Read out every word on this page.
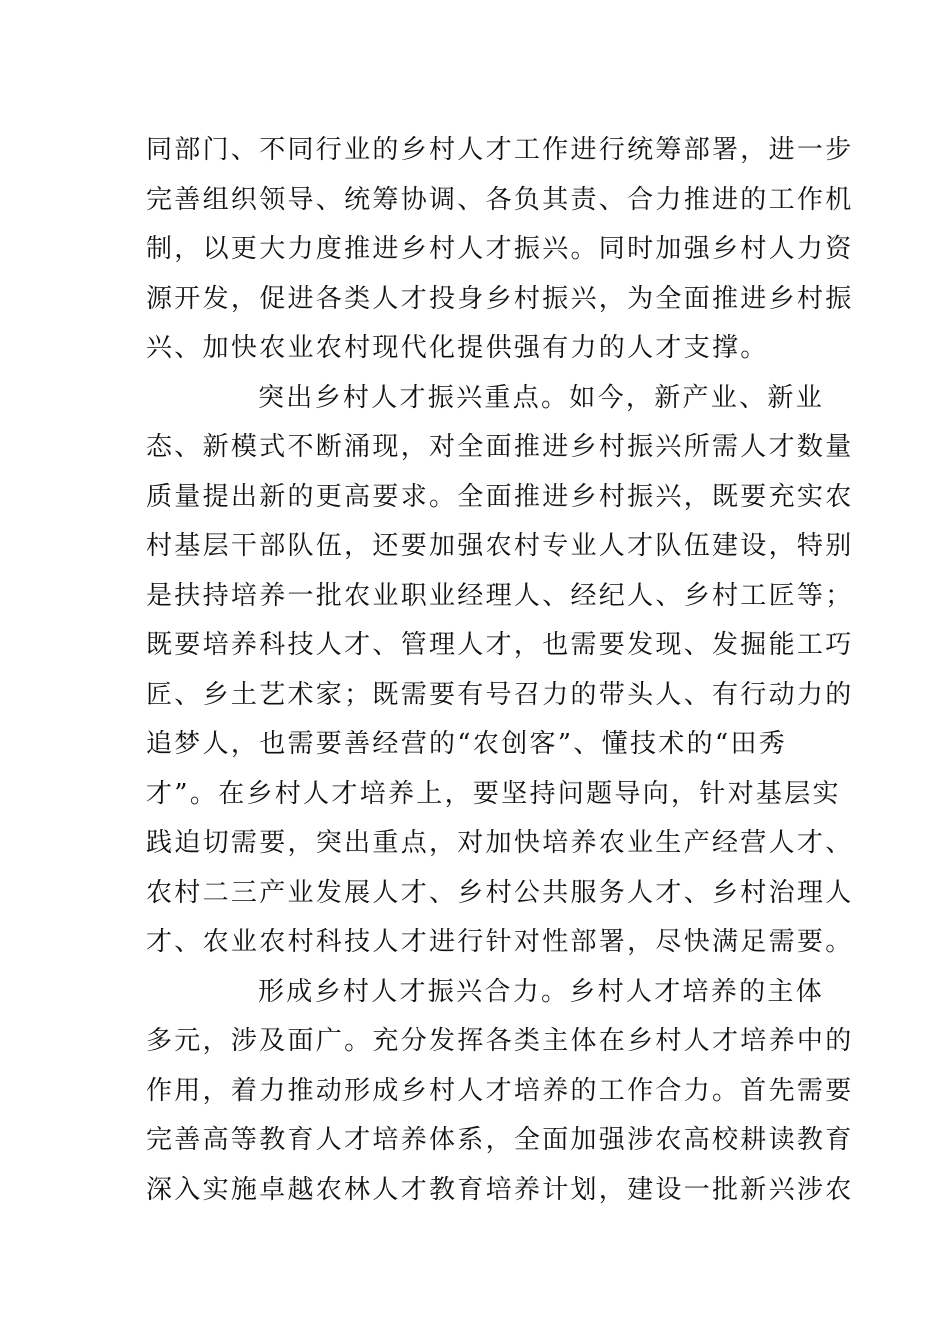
同部门、不同行业的乡村人才工作进行统筹部署，进一步
完善组织领导、统筹协调、各负其责、合力推进的工作机
制，以更大力度推进乡村人才振兴。同时加强乡村人力资
源开发，促进各类人才投身乡村振兴，为全面推进乡村振
兴、加快农业农村现代化提供强有力的人才支撑。
突出乡村人才振兴重点。如今，新产业、新业
态、新模式不断涌现，对全面推进乡村振兴所需人才数量
质量提出新的更高要求。全面推进乡村振兴，既要充实农
村基层干部队伍，还要加强农村专业人才队伍建设，特别
是扶持培养一批农业职业经理人、经纪人、乡村工匠等；
既要培养科技人才、管理人才，也需要发现、发掘能工巧
匠、乡土艺术家；既需要有号召力的带头人、有行动力的
追梦人，也需要善经营的“农创客”、懂技术的“田秀
才”。在乡村人才培养上，要坚持问题导向，针对基层实
践迫切需要，突出重点，对加快培养农业生产经营人才、
农村二三产业发展人才、乡村公共服务人才、乡村治理人
才、农业农村科技人才进行针对性部署，尽快满足需要。
形成乡村人才振兴合力。乡村人才培养的主体
多元，涉及面广。充分发挥各类主体在乡村人才培养中的
作用，着力推动形成乡村人才培养的工作合力。首先需要
完善高等教育人才培养体系，全面加强涉农高校耕读教育
深入实施卓越农林人才教育培养计划，建设一批新兴涉农
